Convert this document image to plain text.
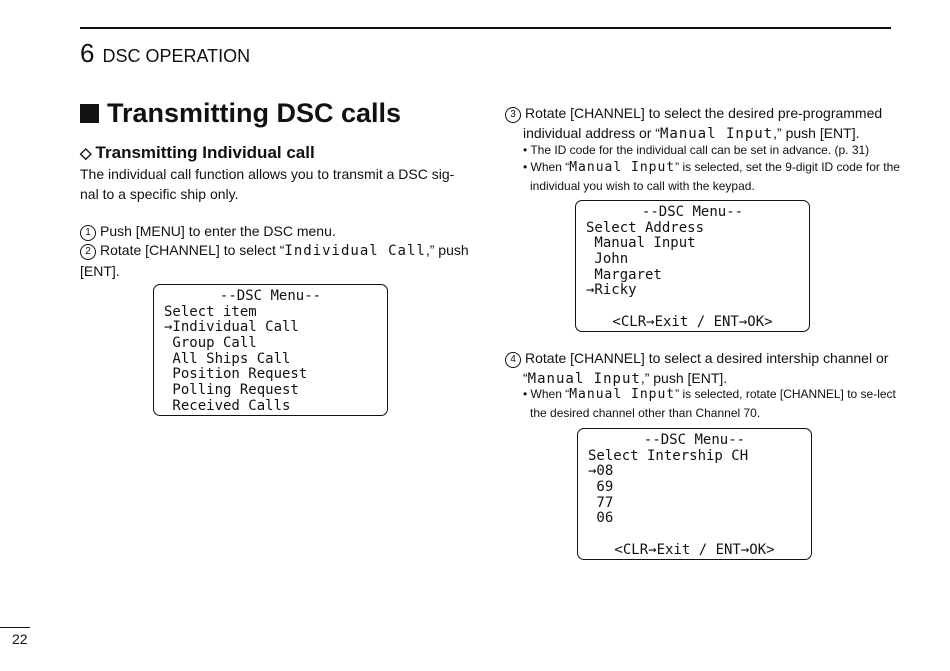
6 DSC OPERATION
Transmitting DSC calls
◇ Transmitting Individual call
The individual call function allows you to transmit a DSC sig-nal to a specific ship only.
1 Push [MENU] to enter the DSC menu.
2 Rotate [CHANNEL] to select “Individual Call,” push [ENT].
--DSC Menu--
Select item
→Individual Call
Group Call
All Ships Call
Position Request
Polling Request
Received Calls
3 Rotate [CHANNEL] to select the desired pre-programmed individual address or “Manual Input,” push [ENT].
• The ID code for the individual call can be set in advance. (p. 31)
• When “Manual Input” is selected, set the 9-digit ID code for the individual you wish to call with the keypad.
--DSC Menu--
Select Address
Manual Input
John
Margaret
→Ricky
<CLR→Exit / ENT→OK>
4 Rotate [CHANNEL] to select a desired intership channel or “Manual Input,” push [ENT].
• When “Manual Input” is selected, rotate [CHANNEL] to se-lect the desired channel other than Channel 70.
--DSC Menu--
Select Intership CH
→08
69
77
06
<CLR→Exit / ENT→OK>
22
